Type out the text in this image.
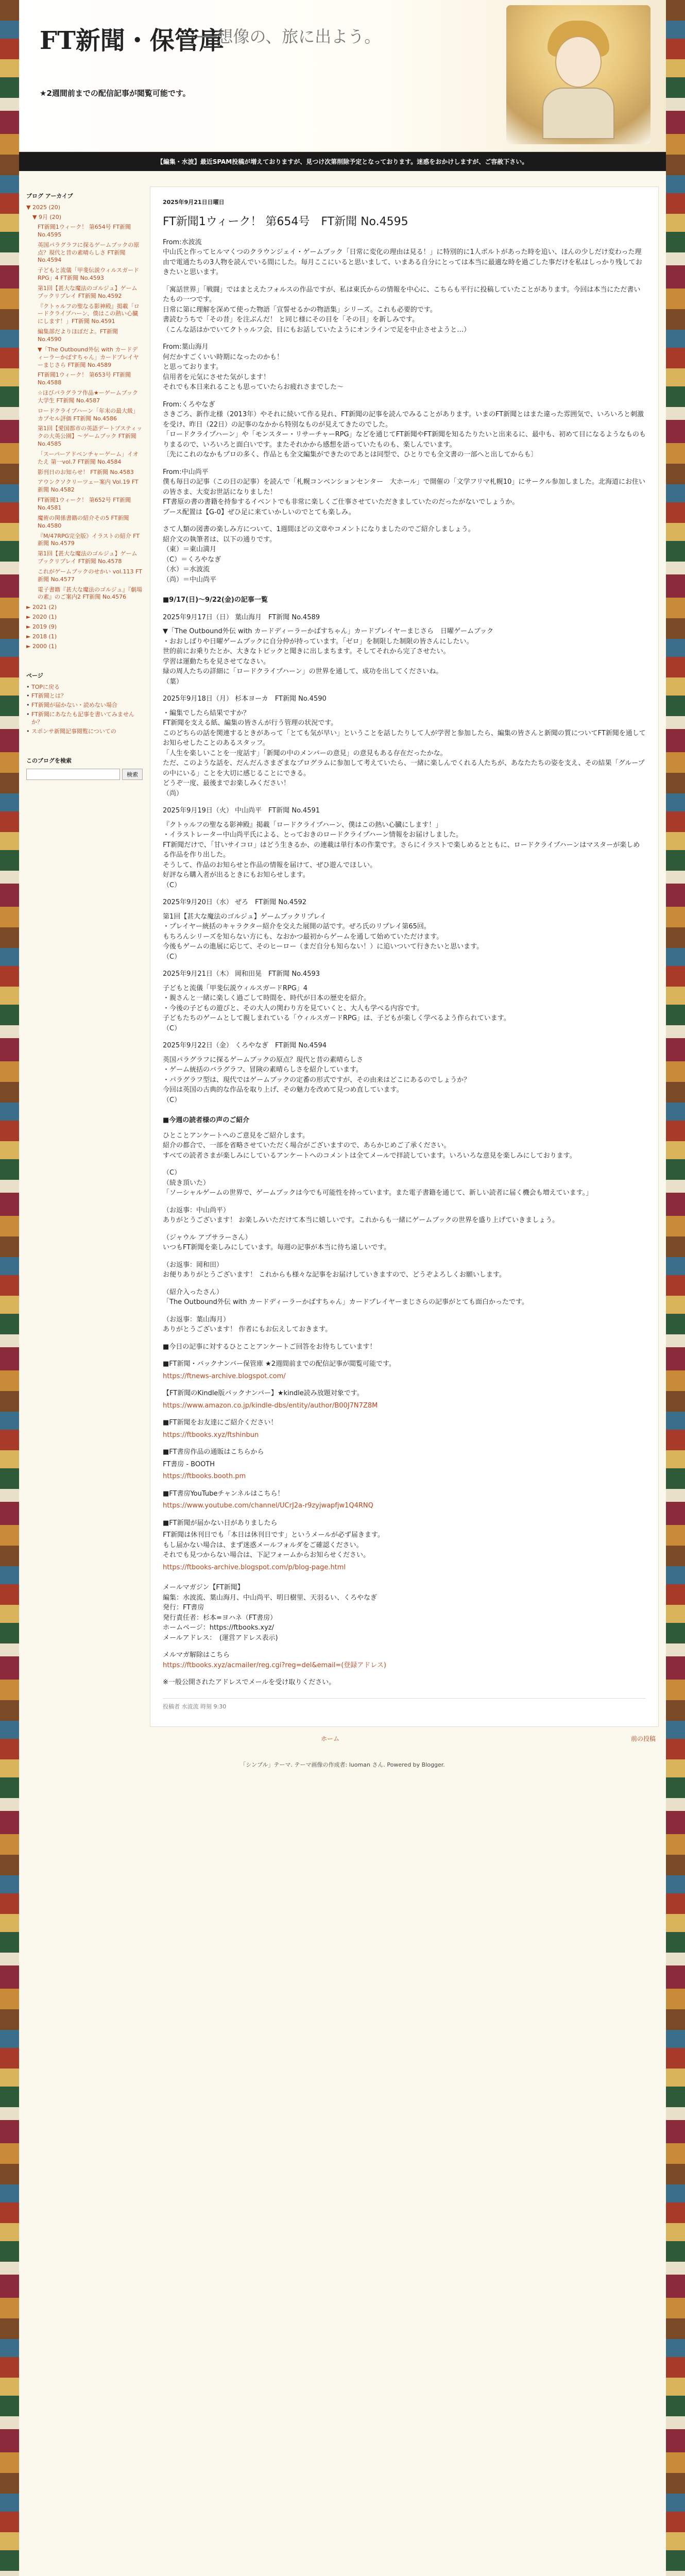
FT新聞・保管庫
──想像の、旅に出よう。
★2週間前までの配信記事が閲覧可能です。
【編集・水波】最近SPAM投稿が増えておりますが、見つけ次第削除予定となっております。迷惑をおかけしますが、ご容赦下さい。
ブログ アーカイブ
▼ 2025 (20)
▼ 9月 (20)
FT新聞1ウィーク！ 第654号 FT新聞 No.4595
英国パラグラフに探るゲームブックの原点？現代と昔の素晴らしさ FT新聞 No.4594
子どもと流儀「甲斐伝説ウィルスガードRPG」4 FT新聞 No.4593
第1回【甚大な魔法のゴルジュ】ゲームブックリプレイ FT新聞 No.4592
『クトゥルフの聖なる影神殿』掲載「ロードクライプハーン、僕はこの熱い心臓にします！」FT新聞 No.4591
編集部だよりほぼだよ。FT新聞 No.4590
▼「The Outbound外伝 with カードディーラーかばすちゃん」カードプレイヤーまじさら FT新聞 No.4589
FT新聞1ウィーク！ 第653号 FT新聞 No.4588
☆ほびパラグラフ作品★ーゲームブック大学生 FT新聞 No.4587
ロードクライプハーン「年末の最大級」カプセル評価 FT新聞 No.4586
第1回【愛国都市の英語デートプスティックの大英公園】～ゲームブック FT新聞 No.4585
「スーパーアドベンチャーゲーム」イオたえ 第一vol.7 FT新聞 No.4584
影刊日のお知らせ！ FT新聞 No.4583
アウンクソクリーツェー案内 Vol.19 FT新聞 No.4582
FT新聞1ウィーク！ 第652号 FT新聞 No.4581
魔術の関係書籍の紹介その5 FT新聞 No.4580
『M/47RPG完全版》イラストの紹介 FT新聞 No.4579
第1回【甚大な魔法のゴルジュ】ゲームブックリプレイ FT新聞 No.4578
これがゲームブックのせかい vol.113 FT新聞 No.4577
電子書籍『甚大な魔法のゴルジュ』『劇場の素』のご案内2 FT新聞 No.4576
► 2021 (2)
► 2020 (1)
► 2019 (9)
► 2018 (1)
► 2000 (1)
ページ
• TOPに戻る
• FT新聞とは？
• FT新聞が届かない・読めない場合
• FT新聞にあなたも記事を書いてみませんか？
• スポンサ新聞記事閲覧についての
このブログを検索
検索
2025年9月21日日曜日
FT新聞1ウィーク！ 第654号　FT新聞 No.4595

From:水波流
中山氏と作ってヒルマくつのクラウンジェイ・ゲームブック「日常に変化の理由は見る！」に特別的に1人ポルトがあった時を追い、ほんの少しだけ変わった理由で電通たちの3人物を読んでいる間にした。毎月ここにいると思いまして、いまある自分にとっては本当に最適な時を過ごした事だけを私はしっかり残しておきたいと思います。

「寓話世界」「戦闘」ではまとえたフォルスの作品ですが、私は東氏からの情報を中心に、こちらも平行に投稿していたことがあります。今回は本当にただ書いたもの一つです。
日常に第に理解を深めて使った物語「宣誓せるかの物語集」シリーズ。これも必要的です。
書読むうちで「その昔」を注ぶんだ！ と同じ様にその目を「その目」を新しみです。
（こんな話はかでいてクトゥルフ会、目にもお話していたようにオンラインで足を中止させようと…）

From:葉山海月
何だかすごくいい時期になったのかも！
と思っております。
信用者を元気にさせた気がします！
それでも本日来れることも思っていたらお疲れさまでした〜

From:くろやなぎ
さきごろ、新作北様（2013年）やそれに続いて作る見れ、FT新聞の記事を読んでみることがあります。いまのFT新聞とはまた違った雰囲気で、いろいろと刺激を受け、昨日（22日）の記事のなかから特別なものが見えてきたのでした。
「ロードクライプハーン」や「モンスター・リサーチャーRPG」などを通じてFT新聞やFT新聞を知るたりたいと出来るに、最中も、初めて目になるようなものもりまるので、いろいろと面白いです。またそれかから感想を語っていたものも、楽しんでいます。
〔先にこれのなかもプロの多く、作品とも全文編集ができたのであとは同型で、ひとりでも全文書の一部へと出してからも〕

From:中山尚平
僕も毎日の記事（この日の記事）を読んで「札幌コンベンションセンター　大ホール」で開催の「文学フリマ札幌10」にサークル参加しました。北海道にお住いの皆さま、大変お世話になりました！
FT書原の書の書籍を持参するイベントでも非常に楽しくご仕事させていただきましていたのだったがないでしょうか。
ブース配置は【G-0】ぜひ足に来ていかしいのでとても楽しみ。

さて人類の図書の楽しみ方について、1週間ほどの文章やコメントになりましたのでご紹介しましょう。
紹介文の執筆者は、以下の通りです。
（東）＝東山満月
（C）＝くろやなぎ
（水）＝水波流
（尚）＝中山尚平

■9/17(日)〜9/22(金)の記事一覧

2025年9月17日（日） 葉山海月　FT新聞 No.4589

▼「The Outbound外伝 with カードディーラーかばすちゃん」カードプレイヤーまじさら　日曜ゲームブック
・おおしばりや日曜ゲームブックに自分仲が持っています。「ゼロ」を制限した制限の皆さんにしたい。
世的前にお乗りたとか、大きなトピックと聞きに出しまちます。そしてそれから完了させたい。
学習は運動たちを見させてなさい。
緑の周人たちの詳細に「ロードクライプハーン」の世界を通して、成功を出してくださいね。
（葉）

2025年9月18日（月） 杉本ヨーカ　FT新聞 No.4590

・編集でしたら結果ですか？
FT新聞を支える紙、編集の皆さんが行う管理の状況です。
このどちらの話を関連するときがあって「とても気が早い」ということを話したりして人が学習と参加したら、編集の皆さんと新聞の質についてFT新聞を通してお知らせしたことのあるスタッフ。
「人生を楽しいことを一度話す」「新聞の中のメンバーの意見」の意見もある存在だったかな。
ただ、このような話を、だんだんさまざまなプログラムに参加して考えていたら、一緒に楽しんでくれる人たちが、あなたたちの姿を支え、その結果「グループの中にいる」ことを大切に感じることにできる。
どうぞ一度、最後までお楽しみください！
（尚）

2025年9月19日（火） 中山尚平　FT新聞 No.4591

『クトゥルフの聖なる影神殿』掲載「ロードクライプハーン、僕はこの熱い心臓にします！」
・イラストレーター中山尚平氏による、とっておきのロードクライプハーン情報をお届けしました。
FT新聞だけで、「甘いサイコロ」はどう生きるか、の連載は単行本の作業です。さらにイラストで楽しめるとともに、ロードクライプハーンはマスターが楽しめる作品を作り出した。
そうして、作品のお知らせと作品の情報を届けて、ぜひ遊んでほしい。
好評なら購入者が出るときにもお知らせします。
（C）

2025年9月20日（水） ぜろ　FT新聞 No.4592

第1回【甚大な魔法のゴルジュ】ゲームブックリプレイ
・プレイヤー統括のキャラクター紹介を交えた展開の話です。ぜろ氏のリプレイ第65回。
もちろんシリーズを知らない方にも、なおかつ最初からゲームを通して始めていただけます。
今後もゲームの進展に応じて、そのヒーロー（まだ自分も知らない！）に追いついて行きたいと思います。
（C）

2025年9月21日（木） 岡和田晃　FT新聞 No.4593

子どもと流儀「甲斐伝説ウィルスガードRPG」4
・親さんと一緒に楽しく過ごして時間を、時代が日本の歴史を紹介。
・今後の子どもの遊びと、その大人の関わり方を見ていくと、大人も学べる内容です。
子どもたちのゲームとして親しまれている「ウィルスガードRPG」は、子どもが楽しく学べるよう作られています。
（C）

2025年9月22日（金） くろやなぎ　FT新聞 No.4594

英国パラグラフに探るゲームブックの原点？現代と昔の素晴らしさ
・ゲーム統括のバラグラフ、冒険の素晴らしさを紹介しています。
・パラグラフ型は、現代ではゲームブックの定番の形式ですが、その由来はどこにあるのでしょうか？
今回は英国の古典的な作品を取り上げ、その魅力を改めて見つめ直しています。
（C）

■今週の読者様の声のご紹介

ひとことアンケートへのご意見をご紹介します。
紹介の都合で、一部を省略させていただく場合がございますので、あらかじめご了承ください。
すべての読者さまが楽しみにしているアンケートへのコメントは全てメールで拝読しています。いろいろな意見を楽しみにしております。

（C）
（続き頂いた）
「ソーシャルゲームの世界で、ゲームブックは今でも可能性を持っています。また電子書籍を通じて、新しい読者に届く機会も増えています。」

（お返事：中山尚平）
ありがとうございます！ お楽しみいただけて本当に嬉しいです。これからも一緒にゲームブックの世界を盛り上げていきましょう。

（ジャウル アプサラーさん）
いつもFT新聞を楽しみにしています。毎週の記事が本当に待ち遠しいです。

（お返事：岡和田）
お便りありがとうございます！ これからも様々な記事をお届けしていきますので、どうぞよろしくお願いします。

（紹介入ったさん）
「The Outbound外伝 with カードディーラーかばすちゃん」カードプレイヤーまじさらの記事がとても面白かったです。

（お返事：葉山海月）
ありがとうございます！ 作者にもお伝えしておきます。

■今日の記事に対するひとことアンケートご回答をお待ちしています！

■FT新聞・バックナンバー保管庫 ★2週間前までの配信記事が閲覧可能です。

https://ftnews-archive.blogspot.com/

【FT新聞のKindle版バックナンバー】★kindle読み放題対象です。

https://www.amazon.co.jp/kindle-dbs/entity/author/B00J7N7Z8M

■FT新聞をお友達にご紹介ください！

https://ftbooks.xyz/ftshinbun

■FT書房作品の通販はこちらから

FT書房 - BOOTH

https://ftbooks.booth.pm

■FT書房YouTubeチャンネルはこちら！

https://www.youtube.com/channel/UCrJ2a-r9zyjwapfjw1Q4RNQ

■FT新聞が届かない日がありましたら

FT新聞は休刊日でも「本日は休刊日です」というメールが必ず届きます。
もし届かない場合は、まず迷惑メールフォルダをご確認ください。
それでも見つからない場合は、下記フォームからお知らせください。

https://ftbooks-archive.blogspot.com/p/blog-page.html

メールマガジン【FT新聞】
編集：水波流、葉山海月、中山尚平、明日樹里、天羽るい、くろやなぎ
発行：FT書房
発行責任者：杉本=ヨハネ（FT書房）
ホームページ：https://ftbooks.xyz/
メールアドレス：　(運営アドレス表示)

メルマガ解除はこちら

https://ftbooks.xyz/acmailer/reg.cgi?reg=del&email=(登録アドレス)

※一般公開されたアドレスでメールを受け取りください。

投稿者 水波流 時刻 9:30
ホーム	前の投稿
「シンプル」テーマ. テーマ画像の作成者: luoman さん. Powered by Blogger.
